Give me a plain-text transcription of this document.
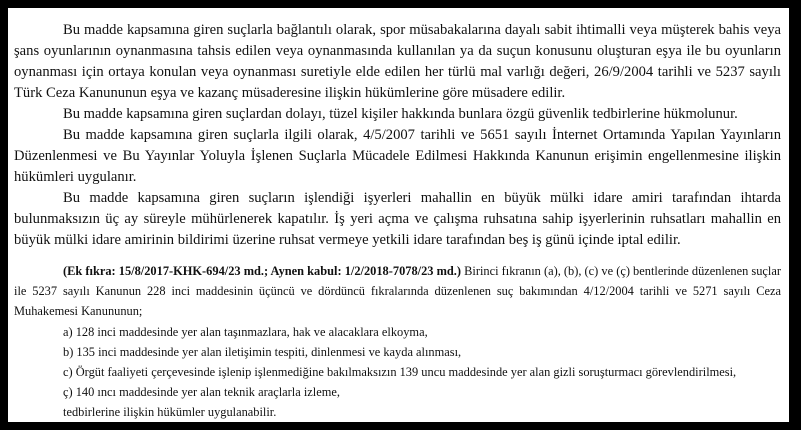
Bu madde kapsamına giren suçlarla bağlantılı olarak, spor müsabakalarına dayalı sabit ihtimalli veya müşterek bahis veya şans oyunlarının oynanmasına tahsis edilen veya oynanmasında kullanılan ya da suçun konusunu oluşturan eşya ile bu oyunların oynanması için ortaya konulan veya oynanması suretiyle elde edilen her türlü mal varlığı değeri, 26/9/2004 tarihli ve 5237 sayılı Türk Ceza Kanununun eşya ve kazanç müsaderesine ilişkin hükümlerine göre müsadere edilir.

Bu madde kapsamına giren suçlardan dolayı, tüzel kişiler hakkında bunlara özgü güvenlik tedbirlerine hükmolunur.

Bu madde kapsamına giren suçlarla ilgili olarak, 4/5/2007 tarihli ve 5651 sayılı İnternet Ortamında Yapılan Yayınların Düzenlenmesi ve Bu Yayınlar Yoluyla İşlenen Suçlarla Mücadele Edilmesi Hakkında Kanunun erişimin engellenmesine ilişkin hükümleri uygulanır.

Bu madde kapsamına giren suçların işlendiği işyerleri mahallin en büyük mülki idare amiri tarafından ihtarda bulunmaksızın üç ay süreyle mühürlenerek kapatılır. İş yeri açma ve çalışma ruhsatına sahip işyerlerinin ruhsatları mahallin en büyük mülki idare amirinin bildirimi üzerine ruhsat vermeye yetkili idare tarafından beş iş günü içinde iptal edilir.

(Ek fıkra: 15/8/2017-KHK-694/23 md.; Aynen kabul: 1/2/2018-7078/23 md.) Birinci fıkranın (a), (b), (c) ve (ç) bentlerinde düzenlenen suçlar ile 5237 sayılı Kanunun 228 inci maddesinin üçüncü ve dördüncü fıkralarında düzenlenen suç bakımından 4/12/2004 tarihli ve 5271 sayılı Ceza Muhakemesi Kanununun;

a) 128 inci maddesinde yer alan taşınmazlara, hak ve alacaklara elkoyma,

b) 135 inci maddesinde yer alan iletişimin tespiti, dinlenmesi ve kayda alınması,

c) Örgüt faaliyeti çerçevesinde işlenip işlenmediğine bakılmaksızın 139 uncu maddesinde yer alan gizli soruşturmacı görevlendirilmesi,

ç) 140 ıncı maddesinde yer alan teknik araçlarla izleme,

tedbirlerine ilişkin hükümler uygulanabilir.
